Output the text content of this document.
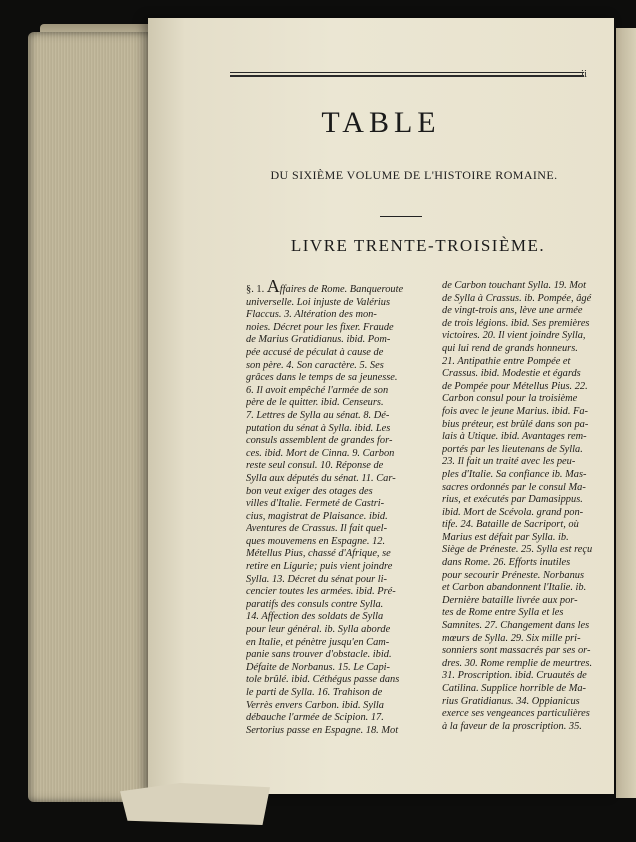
ii
TABLE
DU SIXIÈME VOLUME DE L'HISTOIRE ROMAINE.
LIVRE TRENTE-TROISIÈME.
§. 1. Affaires de Rome. Banqueroute
universelle. Loi injuste de Valérius
Flaccus. 3. Altération des mon-
noies. Décret pour les fixer. Fraude
de Marius Gratidianus. ibid. Pom-
pée accusé de péculat à cause de
son père. 4. Son caractère. 5. Ses
grâces dans le temps de sa jeunesse.
6. Il avoit empêché l'armée de son
père de le quitter. ibid. Censeurs.
7. Lettres de Sylla au sénat. 8. Dé-
putation du sénat à Sylla. ibid. Les
consuls assemblent de grandes for-
ces. ibid. Mort de Cinna. 9. Carbon
reste seul consul. 10. Réponse de
Sylla aux députés du sénat. 11. Car-
bon veut exiger des otages des
villes d'Italie. Fermeté de Castri-
cius, magistrat de Plaisance. ibid.
Aventures de Crassus. Il fait quel-
ques mouvemens en Espagne. 12.
Métellus Pius, chassé d'Afrique, se
retire en Ligurie; puis vient joindre
Sylla. 13. Décret du sénat pour li-
cencier toutes les armées. ibid. Pré-
paratifs des consuls contre Sylla.
14. Affection des soldats de Sylla
pour leur général. ib. Sylla aborde
en Italie, et pénètre jusqu'en Cam-
panie sans trouver d'obstacle. ibid.
Défaite de Norbanus. 15. Le Capi-
tole brûlé. ibid. Céthégus passe dans
le parti de Sylla. 16. Trahison de
Verrès envers Carbon. ibid. Sylla
débauche l'armée de Scipion. 17.
Sertorius passe en Espagne. 18. Mot
de Carbon touchant Sylla. 19. Mot
de Sylla à Crassus. ib. Pompée, âgé
de vingt-trois ans, lève une armée
de trois légions. ibid. Ses premières
victoires. 20. Il vient joindre Sylla,
qui lui rend de grands honneurs.
21. Antipathie entre Pompée et
Crassus. ibid. Modestie et égards
de Pompée pour Métellus Pius. 22.
Carbon consul pour la troisième
fois avec le jeune Marius. ibid. Fa-
bius préteur, est brûlé dans son pa-
lais à Utique. ibid. Avantages rem-
portés par les lieutenans de Sylla.
23. Il fait un traité avec les peu-
ples d'Italie. Sa confiance ib. Mas-
sacres ordonnés par le consul Ma-
rius, et exécutés par Damasippus.
ibid. Mort de Scévola. grand pon-
tife. 24. Bataille de Sacriport, où
Marius est défait par Sylla. ib.
Siège de Préneste. 25. Sylla est reçu
dans Rome. 26. Efforts inutiles
pour secourir Préneste. Norbanus
et Carbon abandonnent l'Italie. ib.
Dernière bataille livrée aux por-
tes de Rome entre Sylla et les
Samnites. 27. Changement dans les
mœurs de Sylla. 29. Six mille pri-
sonniers sont massacrés par ses or-
dres. 30. Rome remplie de meurtres.
31. Proscription. ibid. Cruautés de
Catilina. Supplice horrible de Ma-
rius Gratidianus. 34. Oppianicus
exerce ses vengeances particulières
à la faveur de la proscription. 35.
